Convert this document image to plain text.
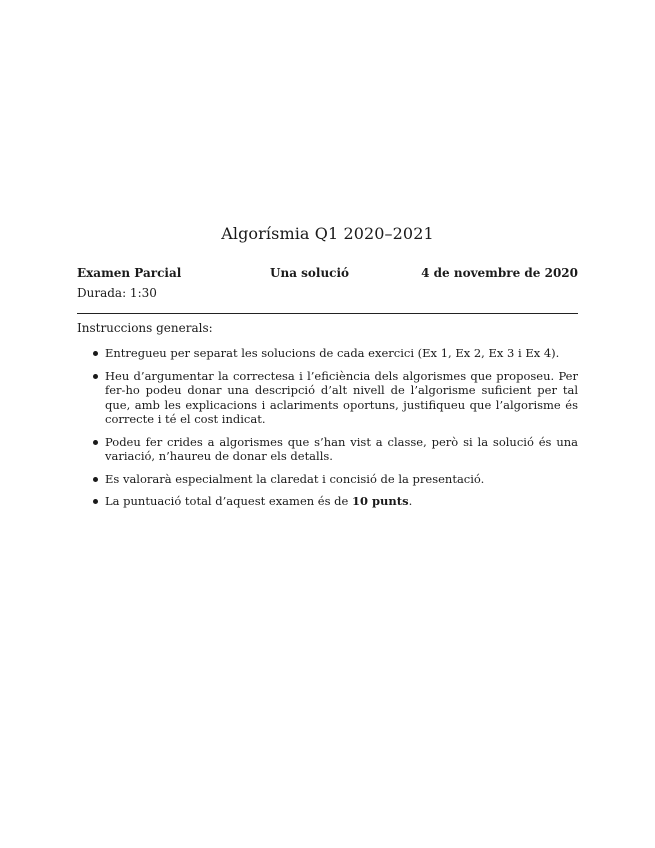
Algorísmia Q1 2020–2021
Examen Parcial	Una solució	4 de novembre de 2020
Durada: 1:30
Instruccions generals:
Entregueu per separat les solucions de cada exercici (Ex 1, Ex 2, Ex 3 i Ex 4).
Heu d’argumentar la correctesa i l’eficiència dels algorismes que proposeu. Per fer-ho podeu donar una descripció d’alt nivell de l’algorisme suficient per tal que, amb les explicacions i aclariments oportuns, justifiqueu que l’algorisme és correcte i té el cost indicat.
Podeu fer crides a algorismes que s’han vist a classe, però si la solució és una variació, n’haureu de donar els detalls.
Es valorarà especialment la claredat i concisió de la presentació.
La puntuació total d’aquest examen és de 10 punts.
